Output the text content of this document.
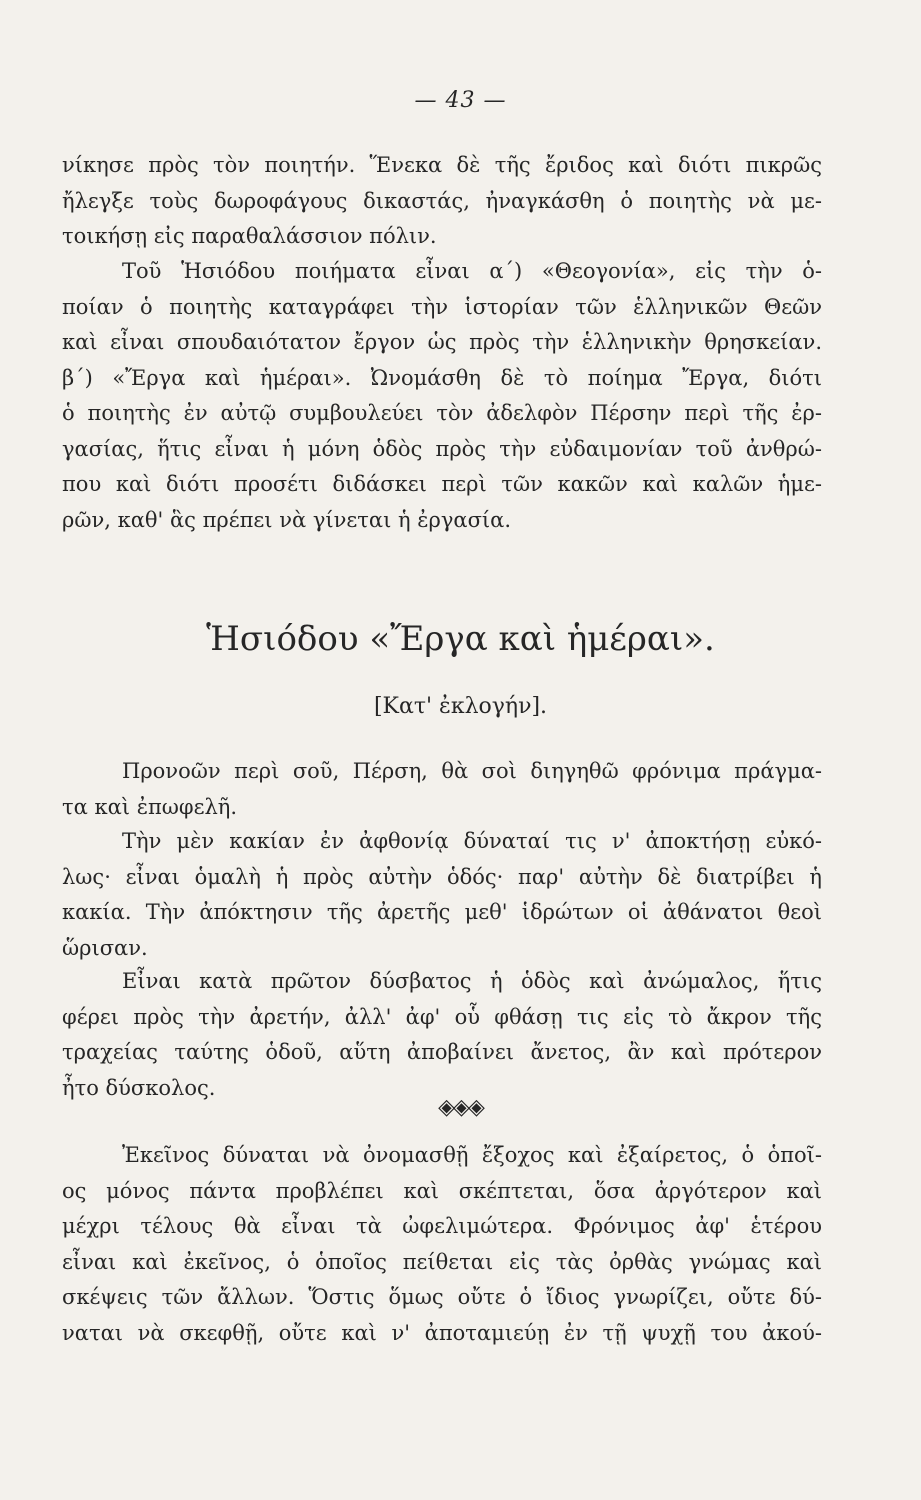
— 43 —
νίκησε πρὸς τὸν ποιητήν. Ἕνεκα δὲ τῆς ἔριδος καὶ διότι πικρῶς
ἤλεγξε τοὺς δωροφάγους δικαστάς, ἠναγκάσθη ὁ ποιητὴς νὰ με-
τοικήσῃ εἰς παραθαλάσσιον πόλιν.
Τοῦ Ἡσιόδου ποιήματα εἶναι α΄) «Θεογονία», εἰς τὴν ὁ-
ποίαν ὁ ποιητὴς καταγράφει τὴν ἱστορίαν τῶν ἑλληνικῶν Θεῶν
καὶ εἶναι σπουδαιότατον ἔργον ὡς πρὸς τὴν ἑλληνικὴν θρησκείαν.
β΄) «Ἔργα καὶ ἡμέραι». Ὠνομάσθη δὲ τὸ ποίημα Ἔργα, διότι
ὁ ποιητὴς ἐν αὐτῷ συμβουλεύει τὸν ἀδελφὸν Πέρσην περὶ τῆς ἐρ-
γασίας, ἥτις εἶναι ἡ μόνη ὁδὸς πρὸς τὴν εὐδαιμονίαν τοῦ ἀνθρώ-
που καὶ διότι προσέτι διδάσκει περὶ τῶν κακῶν καὶ καλῶν ἡμε-
ρῶν, καθ' ἃς πρέπει νὰ γίνεται ἡ ἐργασία.
Ἡσιόδου «Ἔργα καὶ ἡμέραι».
[Κατ' ἐκλογήν].
Προνοῶν περὶ σοῦ, Πέρση, θὰ σοὶ διηγηθῶ φρόνιμα πράγμα-
τα καὶ ἐπωφελῆ.
Τὴν μὲν κακίαν ἐν ἀφθονίᾳ δύναταί τις ν' ἀποκτήσῃ εὐκό-
λως· εἶναι ὁμαλὴ ἡ πρὸς αὐτὴν ὁδός· παρ' αὐτὴν δὲ διατρίβει ἡ
κακία. Τὴν ἀπόκτησιν τῆς ἀρετῆς μεθ' ἱδρώτων οἱ ἀθάνατοι θεοὶ
ὥρισαν.
Εἶναι κατὰ πρῶτον δύσβατος ἡ ὁδὸς καὶ ἀνώμαλος, ἥτις
φέρει πρὸς τὴν ἀρετήν, ἀλλ' ἀφ' οὗ φθάσῃ τις εἰς τὸ ἄκρον τῆς
τραχείας ταύτης ὁδοῦ, αὕτη ἀποβαίνει ἄνετος, ἂν καὶ πρότερον
ἦτο δύσκολος.
◈◈◈
Ἐκεῖνος δύναται νὰ ὀνομασθῇ ἔξοχος καὶ ἐξαίρετος, ὁ ὁποῖ-
ος μόνος πάντα προβλέπει καὶ σκέπτεται, ὅσα ἀργότερον καὶ
μέχρι τέλους θὰ εἶναι τὰ ὠφελιμώτερα. Φρόνιμος ἀφ' ἑτέρου
εἶναι καὶ ἐκεῖνος, ὁ ὁποῖος πείθεται εἰς τὰς ὀρθὰς γνώμας καὶ
σκέψεις τῶν ἄλλων. Ὅστις ὅμως οὔτε ὁ ἴδιος γνωρίζει, οὔτε δύ-
ναται νὰ σκεφθῇ, οὔτε καὶ ν' ἀποταμιεύῃ ἐν τῇ ψυχῇ του ἀκού-
